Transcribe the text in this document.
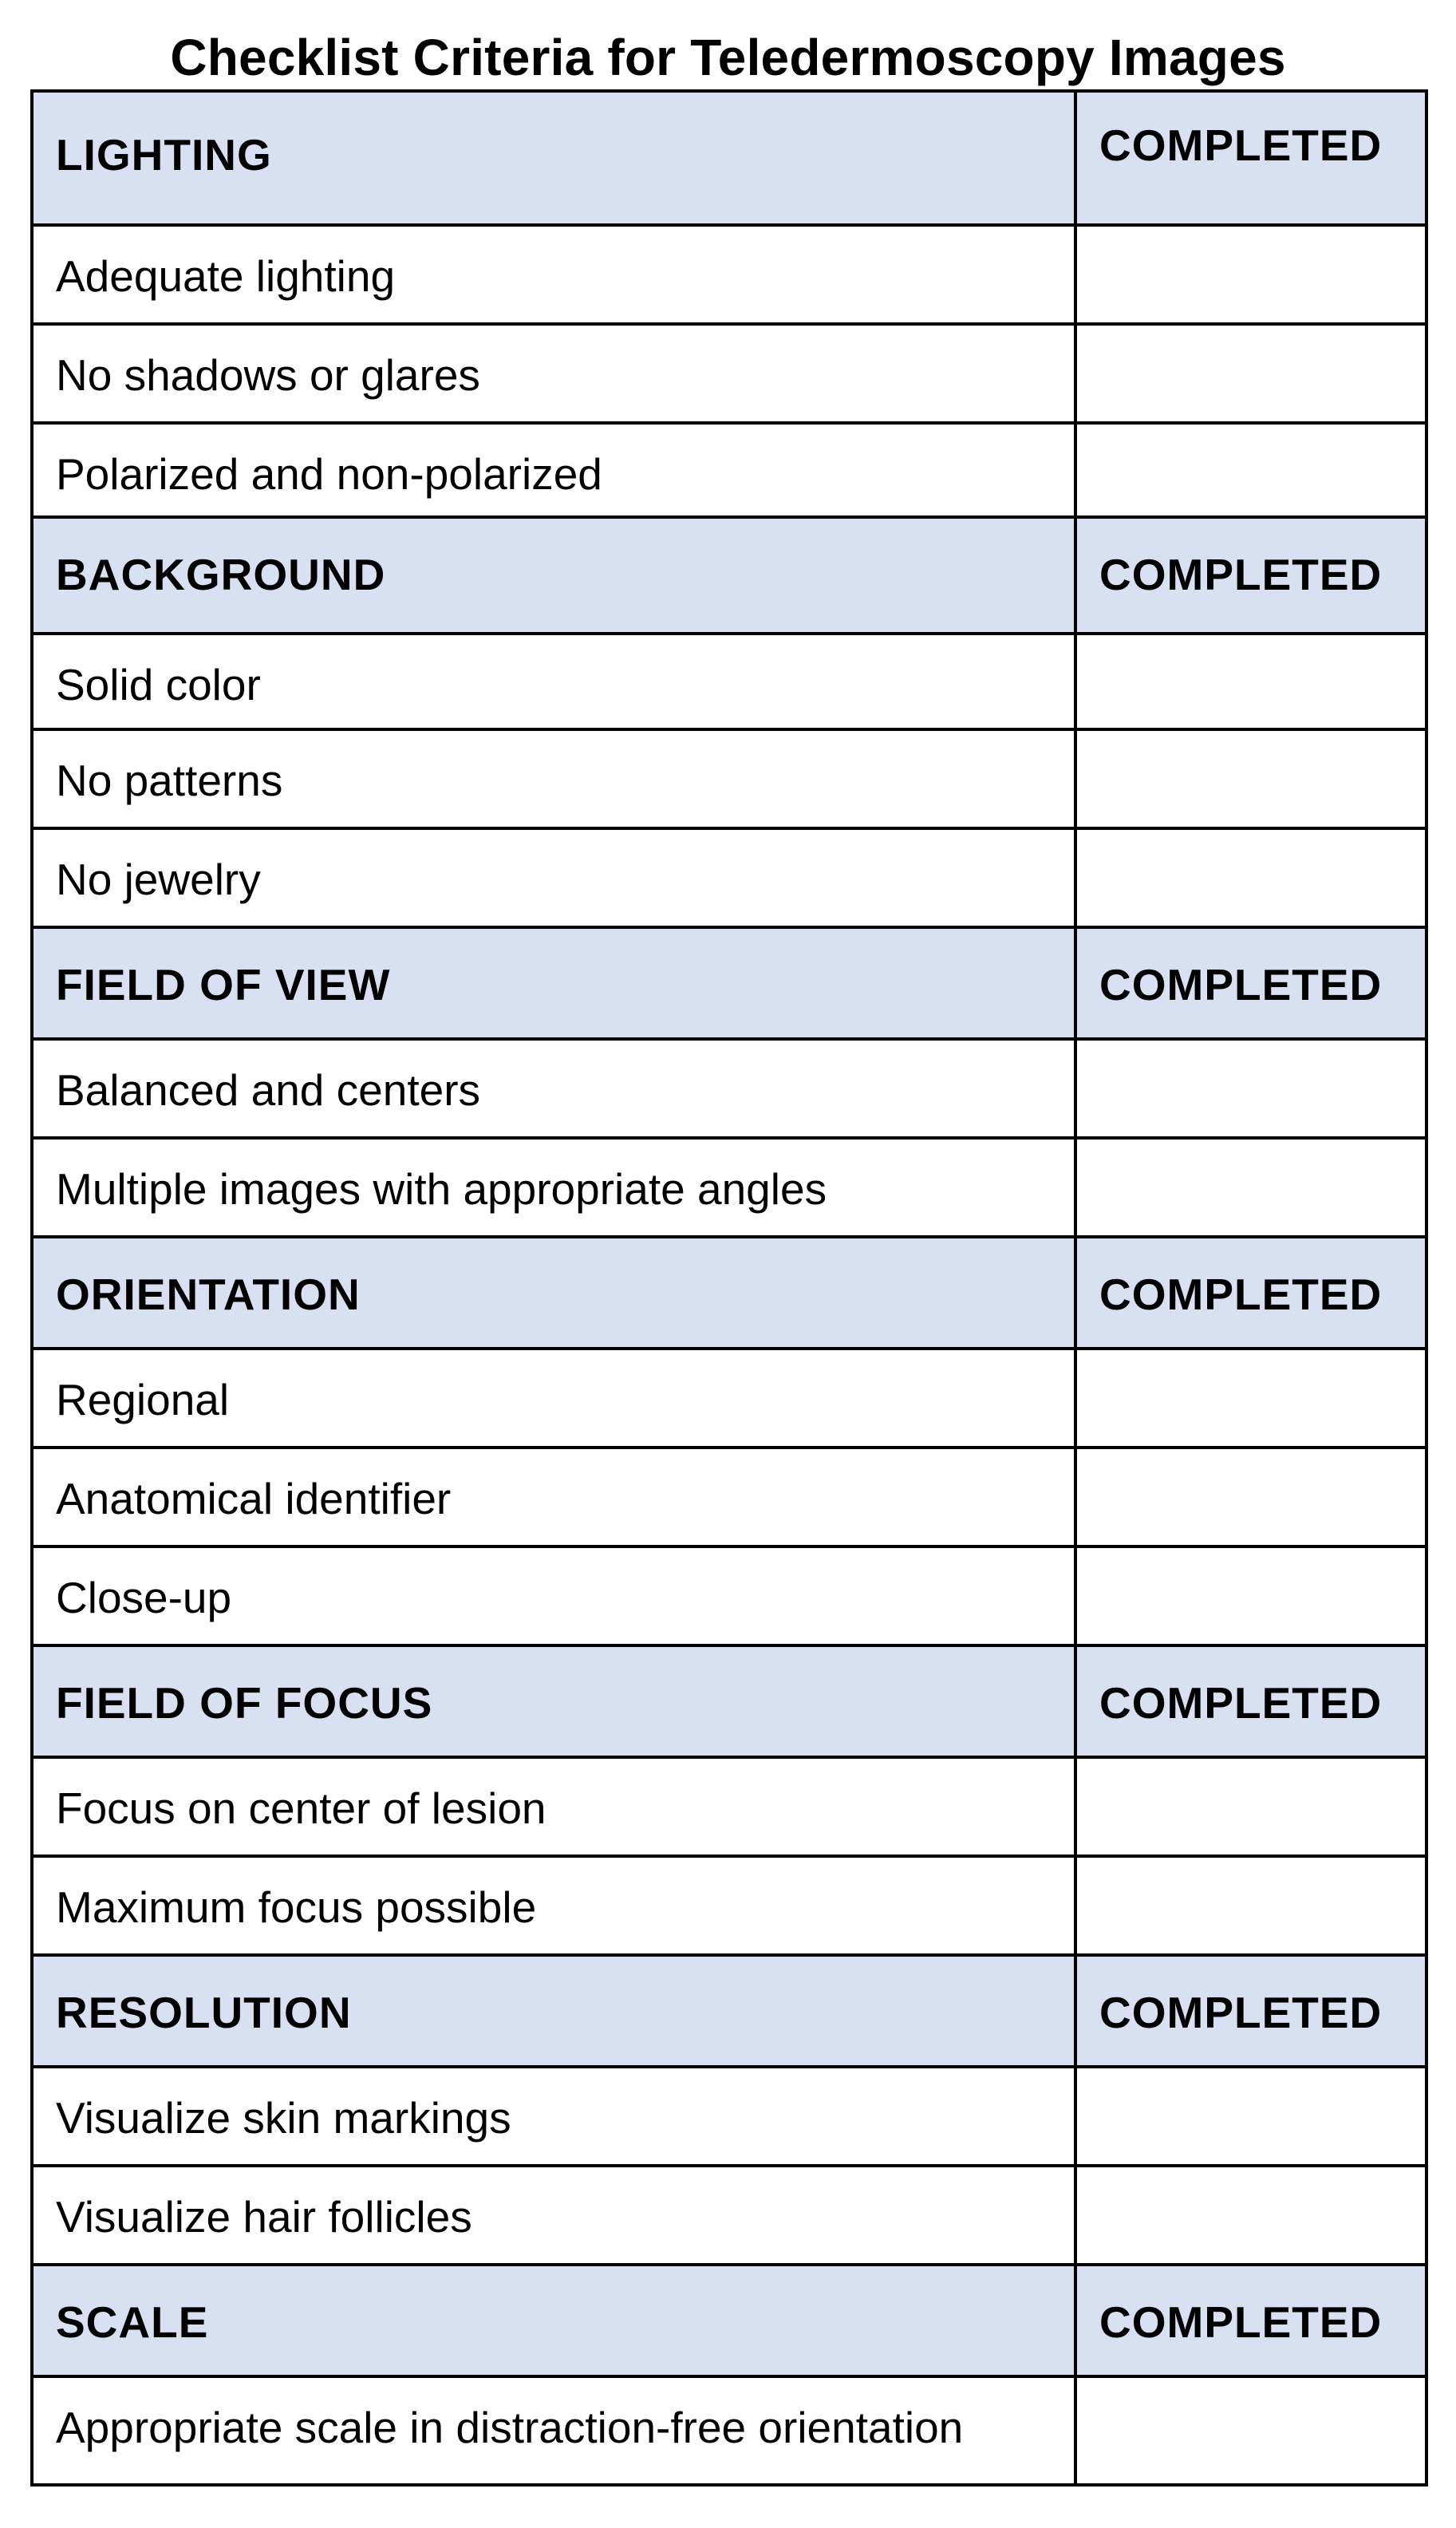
Checklist Criteria for Teledermoscopy Images
LIGHTING	COMPLETED

Adequate lighting	

No shadows or glares	

Polarized and non-polarized	

BACKGROUND	COMPLETED

Solid color	

No patterns	

No jewelry	

FIELD OF VIEW	COMPLETED

Balanced and centers	

Multiple images with appropriate angles	

ORIENTATION	COMPLETED

Regional	

Anatomical identifier	

Close-up	

FIELD OF FOCUS	COMPLETED

Focus on center of lesion	

Maximum focus possible	

RESOLUTION	COMPLETED

Visualize skin markings	

Visualize hair follicles	

SCALE	COMPLETED

Appropriate scale in distraction-free orientation	
